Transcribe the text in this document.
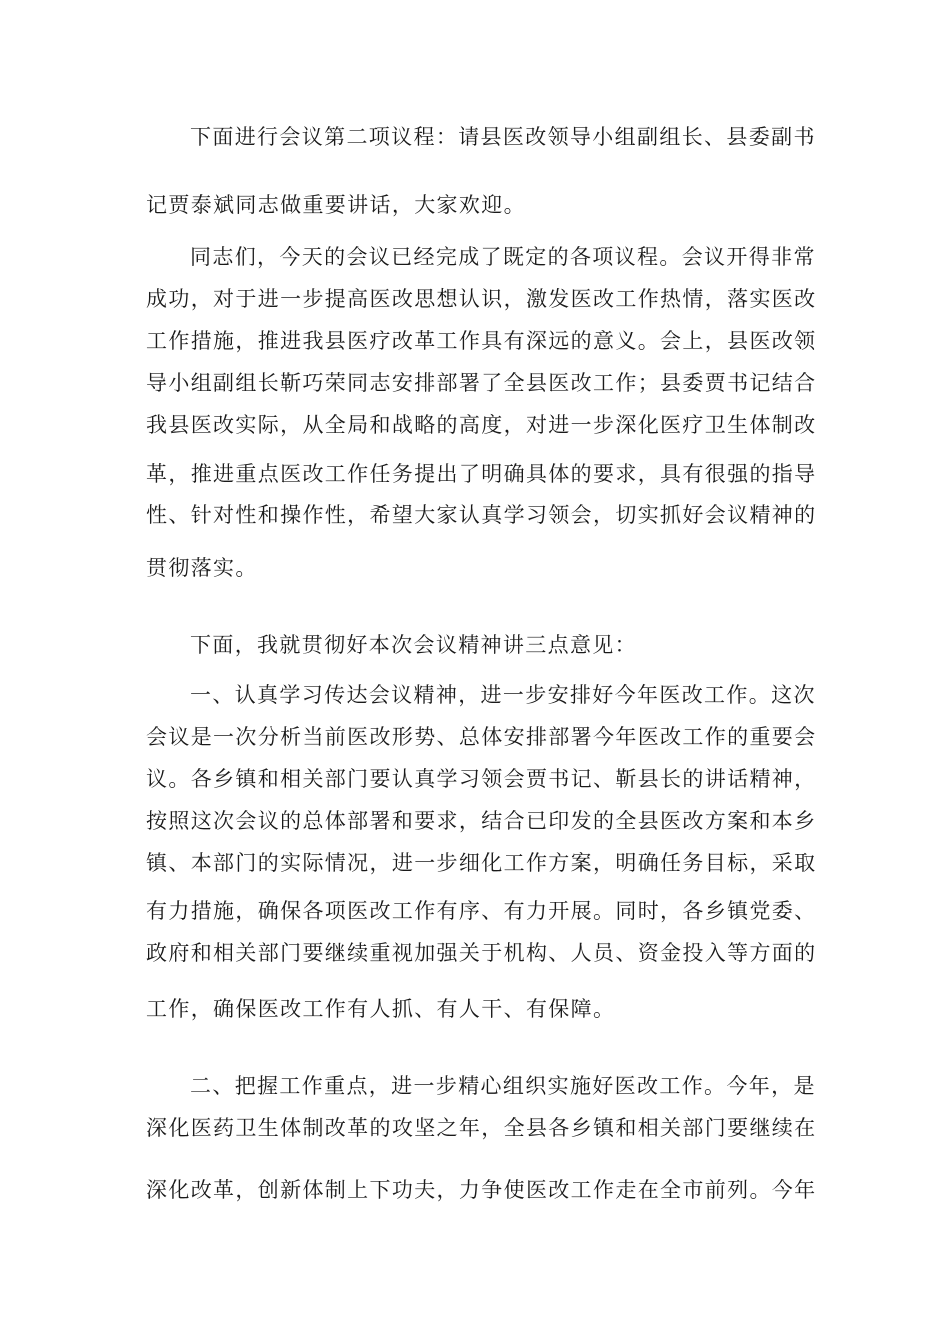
下面进行会议第二项议程：请县医改领导小组副组长、县委副书
记贾泰斌同志做重要讲话，大家欢迎。
同志们，今天的会议已经完成了既定的各项议程。会议开得非常
成功，对于进一步提高医改思想认识，激发医改工作热情，落实医改
工作措施，推进我县医疗改革工作具有深远的意义。会上，县医改领
导小组副组长靳巧荣同志安排部署了全县医改工作；县委贾书记结合
我县医改实际，从全局和战略的高度，对进一步深化医疗卫生体制改
革，推进重点医改工作任务提出了明确具体的要求，具有很强的指导
性、针对性和操作性，希望大家认真学习领会，切实抓好会议精神的
贯彻落实。
下面，我就贯彻好本次会议精神讲三点意见：
一、认真学习传达会议精神，进一步安排好今年医改工作。这次
会议是一次分析当前医改形势、总体安排部署今年医改工作的重要会
议。各乡镇和相关部门要认真学习领会贾书记、靳县长的讲话精神，
按照这次会议的总体部署和要求，结合已印发的全县医改方案和本乡
镇、本部门的实际情况，进一步细化工作方案，明确任务目标，采取
有力措施，确保各项医改工作有序、有力开展。同时，各乡镇党委、
政府和相关部门要继续重视加强关于机构、人员、资金投入等方面的
工作，确保医改工作有人抓、有人干、有保障。
二、把握工作重点，进一步精心组织实施好医改工作。今年，是
深化医药卫生体制改革的攻坚之年，全县各乡镇和相关部门要继续在
深化改革，创新体制上下功夫，力争使医改工作走在全市前列。今年
